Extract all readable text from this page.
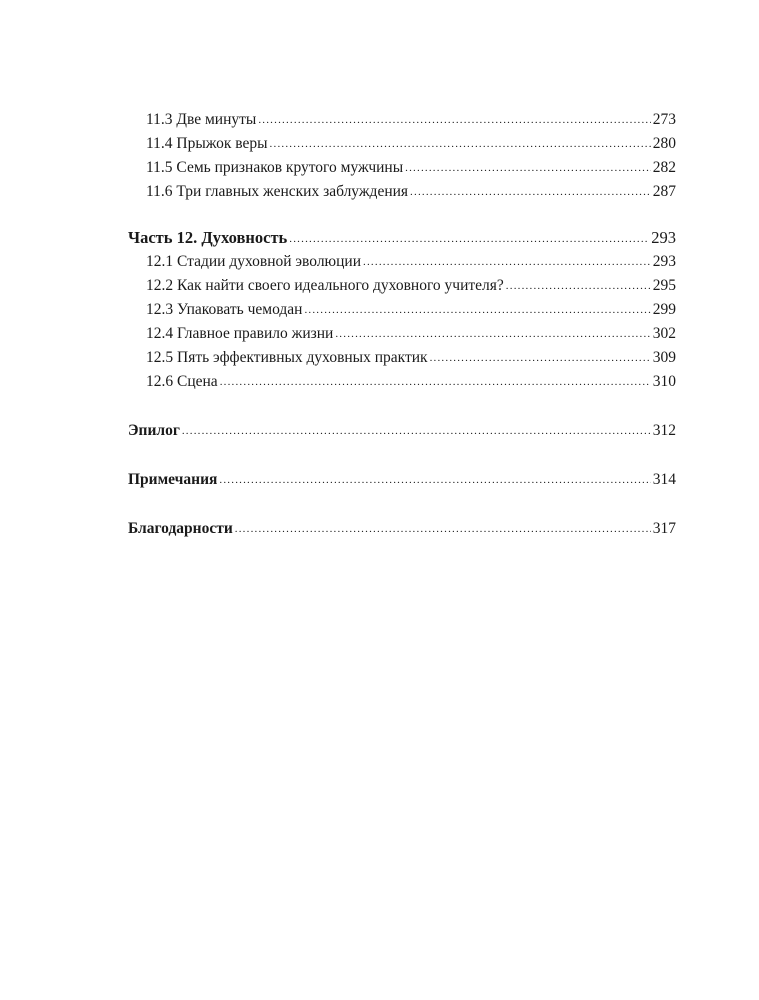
11.3 Две минуты .....	273
11.4 Прыжок веры .....	280
11.5 Семь признаков крутого мужчины .....	282
11.6 Три главных женских заблуждения .....	287
Часть 12. Духовность .....	293
12.1 Стадии духовной эволюции .....	293
12.2 Как найти своего идеального духовного учителя? .....	295
12.3 Упаковать чемодан .....	299
12.4 Главное правило жизни .....	302
12.5 Пять эффективных духовных практик .....	309
12.6 Сцена .....	310
Эпилог .....	312
Примечания .....	314
Благодарности .....	317
